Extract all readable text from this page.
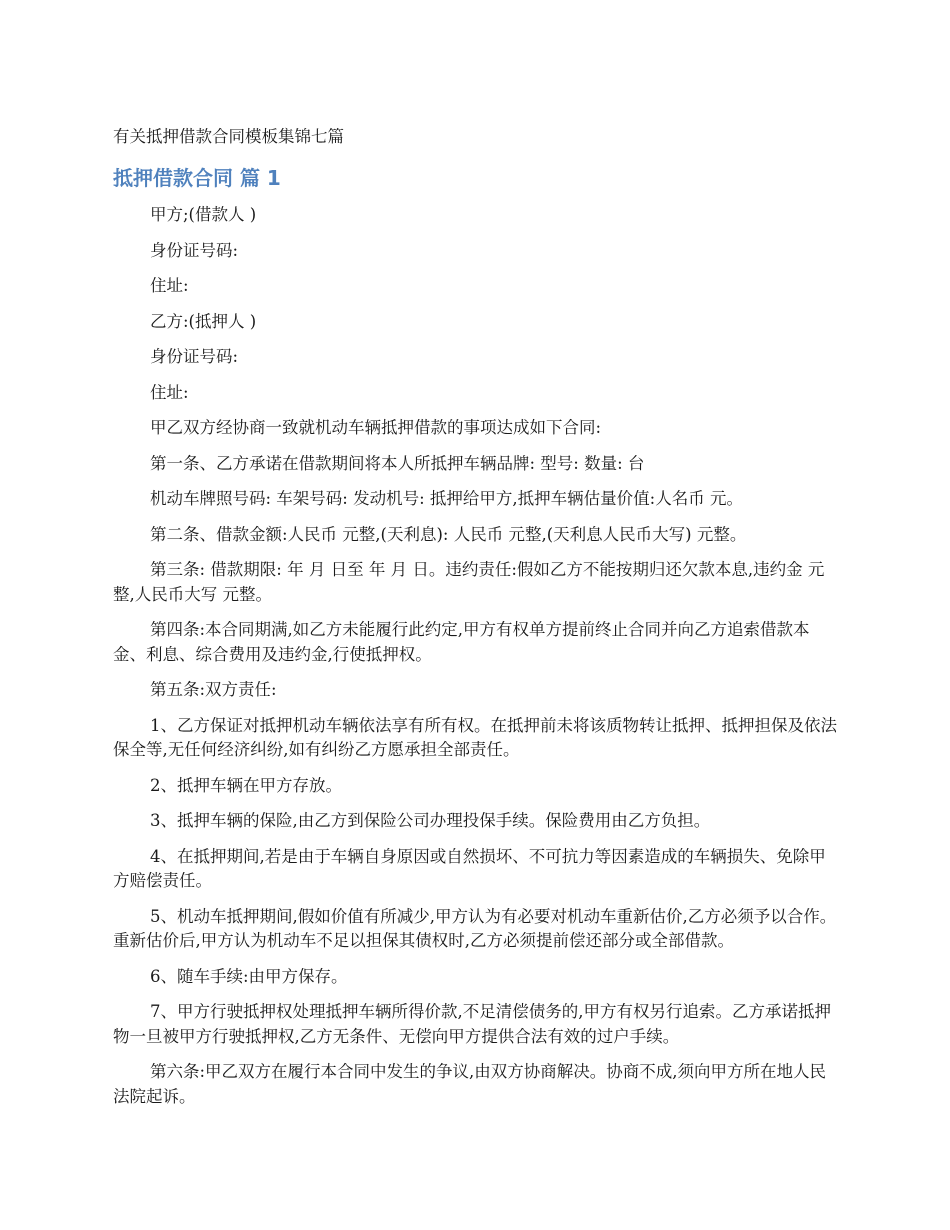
有关抵押借款合同模板集锦七篇
抵押借款合同 篇 1

甲方;(借款人 )

身份证号码:

住址:

乙方:(抵押人 )

身份证号码:

住址:

甲乙双方经协商一致就机动车辆抵押借款的事项达成如下合同:

第一条、乙方承诺在借款期间将本人所抵押车辆品牌: 型号: 数量: 台

机动车牌照号码: 车架号码: 发动机号: 抵押给甲方,抵押车辆估量价值:人名币 元。

第二条、借款金额:人民币 元整,(天利息): 人民币 元整,(天利息人民币大写) 元整。

第三条: 借款期限: 年 月 日至 年 月 日。违约责任:假如乙方不能按期归还欠款本息,违约金 元整,人民币大写 元整。

第四条:本合同期满,如乙方未能履行此约定,甲方有权单方提前终止合同并向乙方追索借款本金、利息、综合费用及违约金,行使抵押权。

第五条:双方责任:

1、乙方保证对抵押机动车辆依法享有所有权。在抵押前未将该质物转让抵押、抵押担保及依法保全等,无任何经济纠纷,如有纠纷乙方愿承担全部责任。

2、抵押车辆在甲方存放。

3、抵押车辆的保险,由乙方到保险公司办理投保手续。保险费用由乙方负担。

4、在抵押期间,若是由于车辆自身原因或自然损坏、不可抗力等因素造成的车辆损失、免除甲方赔偿责任。

5、机动车抵押期间,假如价值有所减少,甲方认为有必要对机动车重新估价,乙方必须予以合作。重新估价后,甲方认为机动车不足以担保其债权时,乙方必须提前偿还部分或全部借款。

6、随车手续:由甲方保存。

7、甲方行驶抵押权处理抵押车辆所得价款,不足清偿债务的,甲方有权另行追索。乙方承诺抵押物一旦被甲方行驶抵押权,乙方无条件、无偿向甲方提供合法有效的过户手续。

第六条:甲乙双方在履行本合同中发生的争议,由双方协商解决。协商不成,须向甲方所在地人民法院起诉。
